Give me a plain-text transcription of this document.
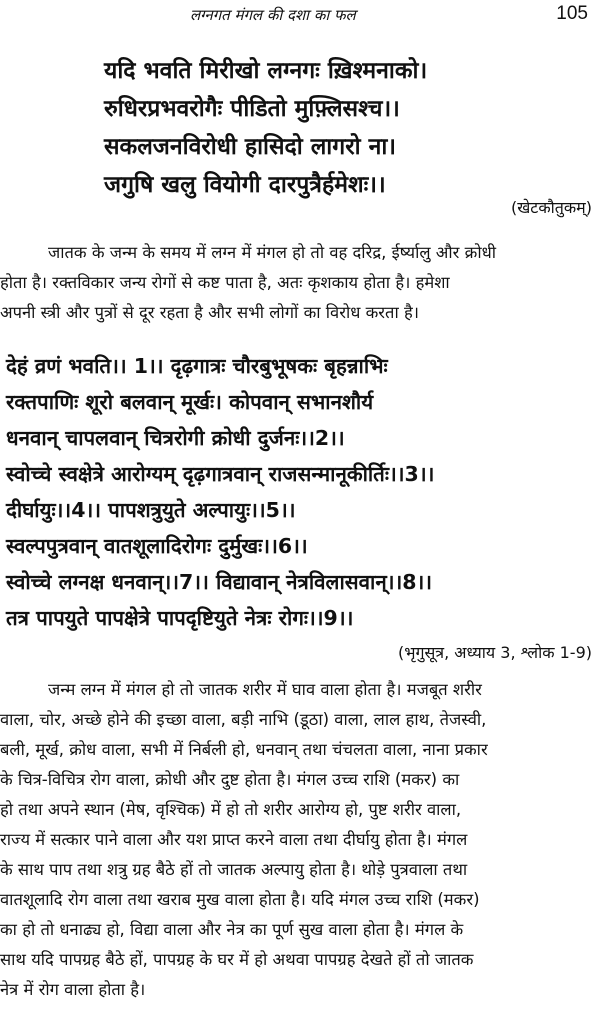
लग्नगत मंगल की दशा का फल	105
यदि भवति मिरीखो लग्नगः ख़िश्मनाको।
रुधिरप्रभवरोगैः पीडितो मुफ़्लिसश्च।।
सकलजनविरोधी हासिदो लागरो ना।
जगुषि खलु वियोगी दारपुत्रैर्हमेशः।।
(खेटकौतुकम्)
जातक के जन्म के समय में लग्न में मंगल हो तो वह दरिद्र, ईर्ष्यालु और क्रोधी
होता है। रक्तविकार जन्य रोगों से कष्ट पाता है, अतः कृशकाय होता है। हमेशा
अपनी स्त्री और पुत्रों से दूर रहता है और सभी लोगों का विरोध करता है।
देहं व्रणं भवति।। 1।। दृढ़गात्रः चौरबुभूषकः बृहन्नाभिः
रक्तपाणिः शूरो बलवान् मूर्खः। कोपवान् सभानशौर्य
धनवान् चापलवान् चित्ररोगी क्रोधी दुर्जनः।।2।।
स्वोच्चे स्वक्षेत्रे आरोग्यम् दृढ़गात्रवान् राजसन्मानूकीर्तिः।।3।।
दीर्घायुः।।4।। पापशत्रुयुते अल्पायुः।।5।।
स्वल्पपुत्रवान् वातशूलादिरोगः दुर्मुखः।।6।।
स्वोच्चे लग्नक्ष धनवान्।।7।। विद्यावान् नेत्रविलासवान्।।8।।
तत्र पापयुते पापक्षेत्रे पापदृष्टियुते नेत्रः रोगः।।9।।
(भृगुसूत्र, अध्याय 3, श्लोक 1-9)
जन्म लग्न में मंगल हो तो जातक शरीर में घाव वाला होता है। मजबूत शरीर
वाला, चोर, अच्छे होने की इच्छा वाला, बड़ी नाभि (डूठा) वाला, लाल हाथ, तेजस्वी,
बली, मूर्ख, क्रोध वाला, सभी में निर्बली हो, धनवान् तथा चंचलता वाला, नाना प्रकार
के चित्र-विचित्र रोग वाला, क्रोधी और दुष्ट होता है। मंगल उच्च राशि (मकर) का
हो तथा अपने स्थान (मेष, वृश्चिक) में हो तो शरीर आरोग्य हो, पुष्ट शरीर वाला,
राज्य में सत्कार पाने वाला और यश प्राप्त करने वाला तथा दीर्घायु होता है। मंगल
के साथ पाप तथा शत्रु ग्रह बैठे हों तो जातक अल्पायु होता है। थोड़े पुत्रवाला तथा
वातशूलादि रोग वाला तथा खराब मुख वाला होता है। यदि मंगल उच्च राशि (मकर)
का हो तो धनाढ्य हो, विद्या वाला और नेत्र का पूर्ण सुख वाला होता है। मंगल के
साथ यदि पापग्रह बैठे हों, पापग्रह के घर में हो अथवा पापग्रह देखते हों तो जातक
नेत्र में रोग वाला होता है।
